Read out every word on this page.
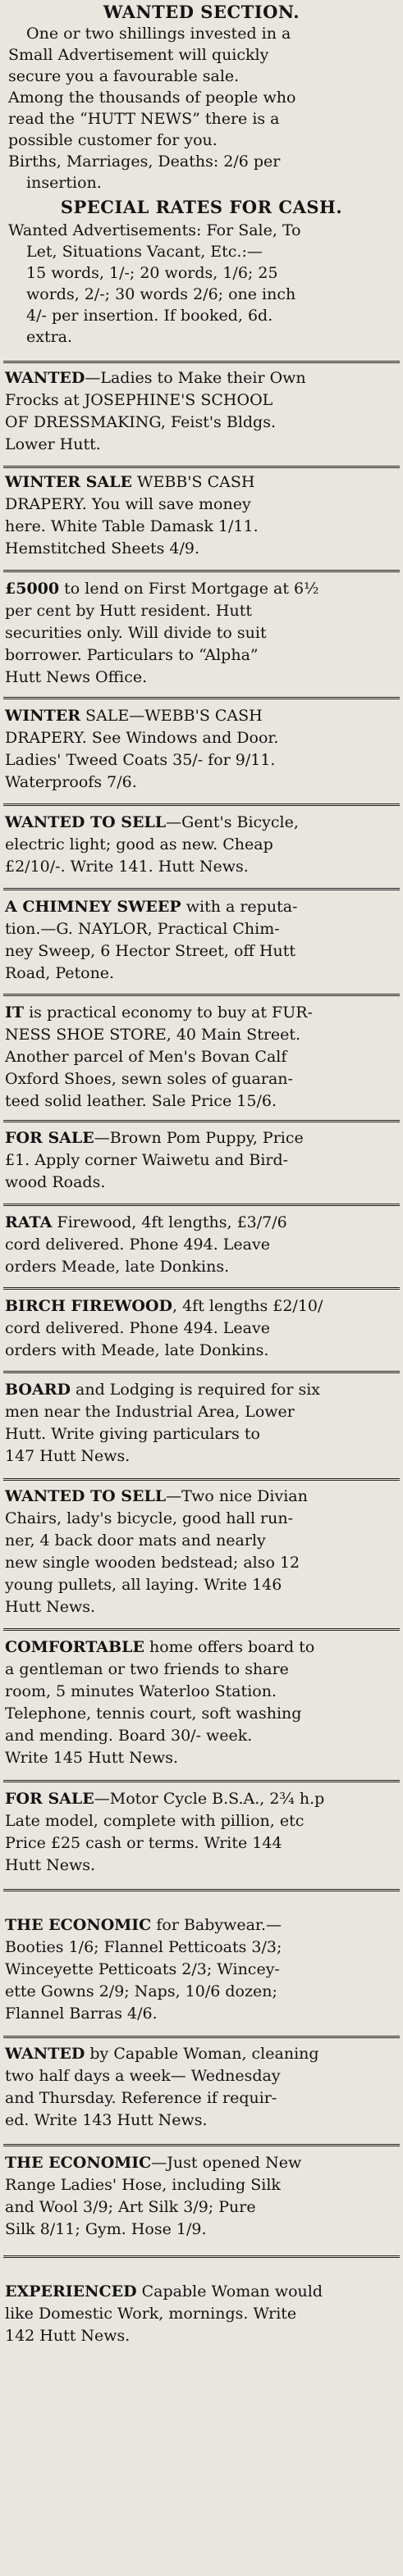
WANTED SECTION.

One or two shillings invested in a

Small Advertisement will quickly

secure you a favourable sale.

Among the thousands of people who

read the “HUTT NEWS” there is a

possible customer for you.

Births, Marriages, Deaths: 2/6 per

insertion.

SPECIAL RATES FOR CASH.

Wanted Advertisements: For Sale, To

Let, Situations Vacant, Etc.:—

15 words, 1/-; 20 words, 1/6; 25

words, 2/-; 30 words 2/6; one inch

4/- per insertion. If booked, 6d.

extra.

WANTED—Ladies to Make their Own

Frocks at JOSEPHINE'S SCHOOL

OF DRESSMAKING, Feist's Bldgs.

Lower Hutt.

WINTER SALE WEBB'S CASH

DRAPERY. You will save money

here. White Table Damask 1/11.

Hemstitched Sheets 4/9.

£5000 to lend on First Mortgage at 6½

per cent by Hutt resident. Hutt

securities only. Will divide to suit

borrower. Particulars to “Alpha”

Hutt News Office.

WINTER SALE—WEBB'S CASH

DRAPERY. See Windows and Door.

Ladies' Tweed Coats 35/- for 9/11.

Waterproofs 7/6.

WANTED TO SELL—Gent's Bicycle,

electric light; good as new. Cheap

£2/10/-. Write 141. Hutt News.

A CHIMNEY SWEEP with a reputa-

tion.—G. NAYLOR, Practical Chim-

ney Sweep, 6 Hector Street, off Hutt

Road, Petone.

IT is practical economy to buy at FUR-

NESS SHOE STORE, 40 Main Street.

Another parcel of Men's Bovan Calf

Oxford Shoes, sewn soles of guaran-

teed solid leather. Sale Price 15/6.

FOR SALE—Brown Pom Puppy, Price

£1. Apply corner Waiwetu and Bird-

wood Roads.

RATA Firewood, 4ft lengths, £3/7/6

cord delivered. Phone 494. Leave

orders Meade, late Donkins.

BIRCH FIREWOOD, 4ft lengths £2/10/

cord delivered. Phone 494. Leave

orders with Meade, late Donkins.

BOARD and Lodging is required for six

men near the Industrial Area, Lower

Hutt. Write giving particulars to

147 Hutt News.

WANTED TO SELL—Two nice Divian

Chairs, lady's bicycle, good hall run-

ner, 4 back door mats and nearly

new single wooden bedstead; also 12

young pullets, all laying. Write 146

Hutt News.

COMFORTABLE home offers board to

a gentleman or two friends to share

room, 5 minutes Waterloo Station.

Telephone, tennis court, soft washing

and mending. Board 30/- week.

Write 145 Hutt News.

FOR SALE—Motor Cycle B.S.A., 2¾ h.p

Late model, complete with pillion, etc

Price £25 cash or terms. Write 144

Hutt News.

THE ECONOMIC for Babywear.—

Booties 1/6; Flannel Petticoats 3/3;

Winceyette Petticoats 2/3; Wincey-

ette Gowns 2/9; Naps, 10/6 dozen;

Flannel Barras 4/6.

WANTED by Capable Woman, cleaning

two half days a week— Wednesday

and Thursday. Reference if requir-

ed. Write 143 Hutt News.

THE ECONOMIC—Just opened New

Range Ladies' Hose, including Silk

and Wool 3/9; Art Silk 3/9; Pure

Silk 8/11; Gym. Hose 1/9.

EXPERIENCED Capable Woman would

like Domestic Work, mornings. Write

142 Hutt News.
